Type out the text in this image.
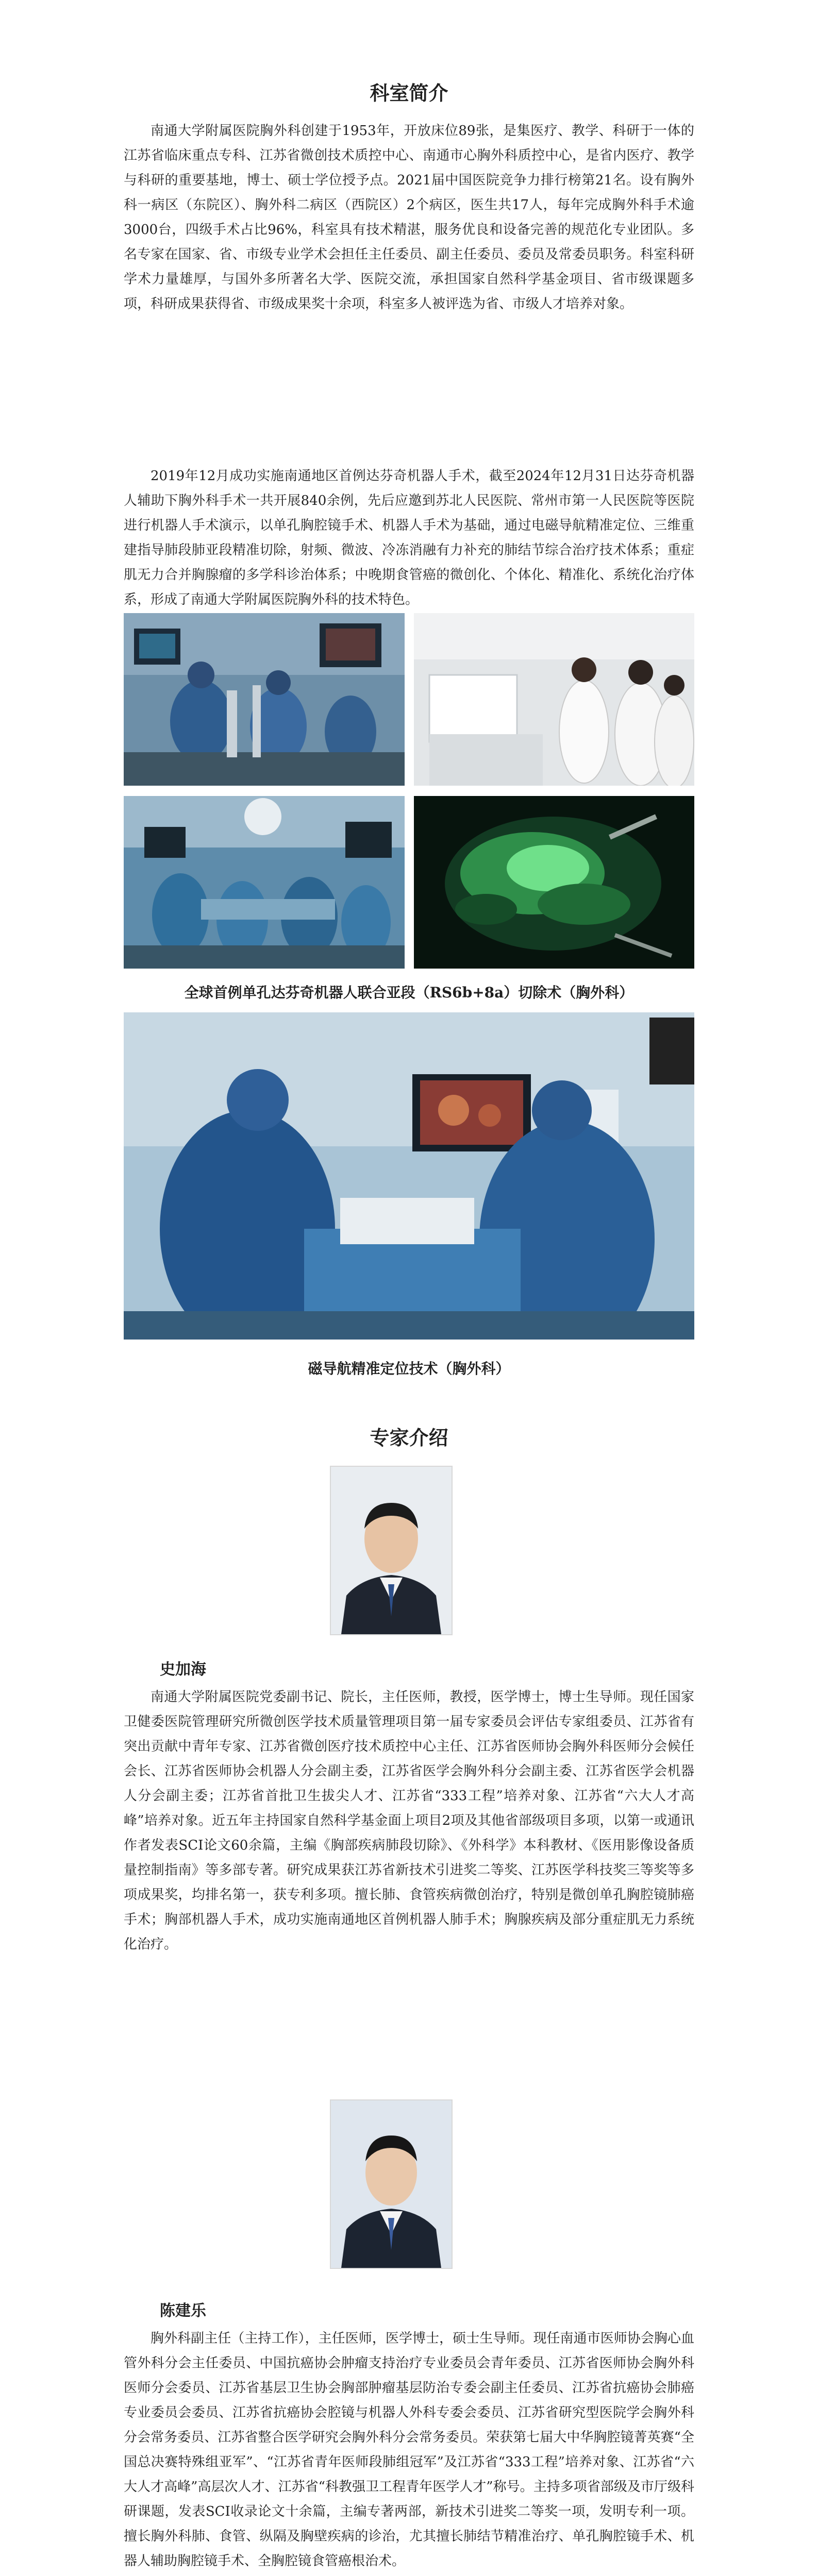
科室简介

南通大学附属医院胸外科创建于1953年，开放床位89张，是集医疗、教学、科研于一体的江苏省临床重点专科、江苏省微创技术质控中心、南通市心胸外科质控中心，是省内医疗、教学与科研的重要基地，博士、硕士学位授予点。2021届中国医院竞争力排行榜第21名。设有胸外科一病区（东院区）、胸外科二病区（西院区）2个病区，医生共17人，每年完成胸外科手术逾3000台，四级手术占比96%，科室具有技术精湛，服务优良和设备完善的规范化专业团队。多名专家在国家、省、市级专业学术会担任主任委员、副主任委员、委员及常委员职务。科室科研学术力量雄厚，与国外多所著名大学、医院交流，承担国家自然科学基金项目、省市级课题多项，科研成果获得省、市级成果奖十余项，科室多人被评选为省、市级人才培养对象。

2019年12月成功实施南通地区首例达芬奇机器人手术，截至2024年12月31日达芬奇机器人辅助下胸外科手术一共开展840余例，先后应邀到苏北人民医院、常州市第一人民医院等医院进行机器人手术演示，以单孔胸腔镜手术、机器人手术为基础，通过电磁导航精准定位、三维重建指导肺段肺亚段精准切除，射频、微波、冷冻消融有力补充的肺结节综合治疗技术体系；重症肌无力合并胸腺瘤的多学科诊治体系；中晚期食管癌的微创化、个体化、精准化、系统化治疗体系，形成了南通大学附属医院胸外科的技术特色。

全球首例单孔达芬奇机器人联合亚段（RS6b+8a）切除术（胸外科）
磁导航精准定位技术（胸外科）
专家介绍
史加海

南通大学附属医院党委副书记、院长，主任医师，教授，医学博士，博士生导师。现任国家卫健委医院管理研究所微创医学技术质量管理项目第一届专家委员会评估专家组委员、江苏省有突出贡献中青年专家、江苏省微创医疗技术质控中心主任、江苏省医师协会胸外科医师分会候任会长、江苏省医师协会机器人分会副主委，江苏省医学会胸外科分会副主委、江苏省医学会机器人分会副主委；江苏省首批卫生拔尖人才、江苏省“333工程”培养对象、江苏省“六大人才高峰”培养对象。近五年主持国家自然科学基金面上项目2项及其他省部级项目多项，以第一或通讯作者发表SCI论文60余篇，主编《胸部疾病肺段切除》、《外科学》本科教材、《医用影像设备质量控制指南》等多部专著。研究成果获江苏省新技术引进奖二等奖、江苏医学科技奖三等奖等多项成果奖，均排名第一，获专利多项。擅长肺、食管疾病微创治疗，特别是微创单孔胸腔镜肺癌手术；胸部机器人手术，成功实施南通地区首例机器人肺手术；胸腺疾病及部分重症肌无力系统化治疗。

陈建乐

胸外科副主任（主持工作），主任医师，医学博士，硕士生导师。现任南通市医师协会胸心血管外科分会主任委员、中国抗癌协会肿瘤支持治疗专业委员会青年委员、江苏省医师协会胸外科医师分会委员、江苏省基层卫生协会胸部肿瘤基层防治专委会副主任委员、江苏省抗癌协会肺癌专业委员会委员、江苏省抗癌协会腔镜与机器人外科专委会委员、江苏省研究型医院学会胸外科分会常务委员、江苏省整合医学研究会胸外科分会常务委员。荣获第七届大中华胸腔镜菁英赛“全国总决赛特殊组亚军”、“江苏省青年医师段肺组冠军”及江苏省“333工程”培养对象、江苏省“六大人才高峰”高层次人才、江苏省“科教强卫工程青年医学人才”称号。主持多项省部级及市厅级科研课题，发表SCI收录论文十余篇，主编专著两部，新技术引进奖二等奖一项，发明专利一项。擅长胸外科肺、食管、纵隔及胸壁疾病的诊治，尤其擅长肺结节精准治疗、单孔胸腔镜手术、机器人辅助胸腔镜手术、全胸腔镜食管癌根治术。
